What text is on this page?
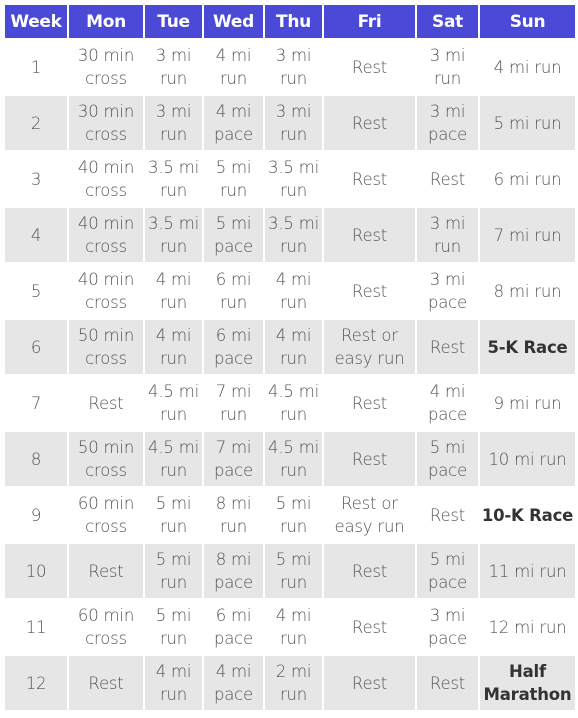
Week	Mon	Tue	Wed	Thu	Fri	Sat	Sun
1	30 min cross	3 mi run	4 mi run	3 mi run	Rest	3 mi run	4 mi run
2	30 min cross	3 mi run	4 mi pace	3 mi run	Rest	3 mi pace	5 mi run
3	40 min cross	3.5 mi run	5 mi run	3.5 mi run	Rest	Rest	6 mi run
4	40 min cross	3.5 mi run	5 mi pace	3.5 mi run	Rest	3 mi run	7 mi run
5	40 min cross	4 mi run	6 mi run	4 mi run	Rest	3 mi pace	8 mi run
6	50 min cross	4 mi run	6 mi pace	4 mi run	Rest or easy run	Rest	5-K Race
7	Rest	4.5 mi run	7 mi run	4.5 mi run	Rest	4 mi pace	9 mi run
8	50 min cross	4.5 mi run	7 mi pace	4.5 mi run	Rest	5 mi pace	10 mi run
9	60 min cross	5 mi run	8 mi run	5 mi run	Rest or easy run	Rest	10-K Race
10	Rest	5 mi run	8 mi pace	5 mi run	Rest	5 mi pace	11 mi run
11	60 min cross	5 mi run	6 mi pace	4 mi run	Rest	3 mi pace	12 mi run
12	Rest	4 mi run	4 mi pace	2 mi run	Rest	Rest	Half Marathon
